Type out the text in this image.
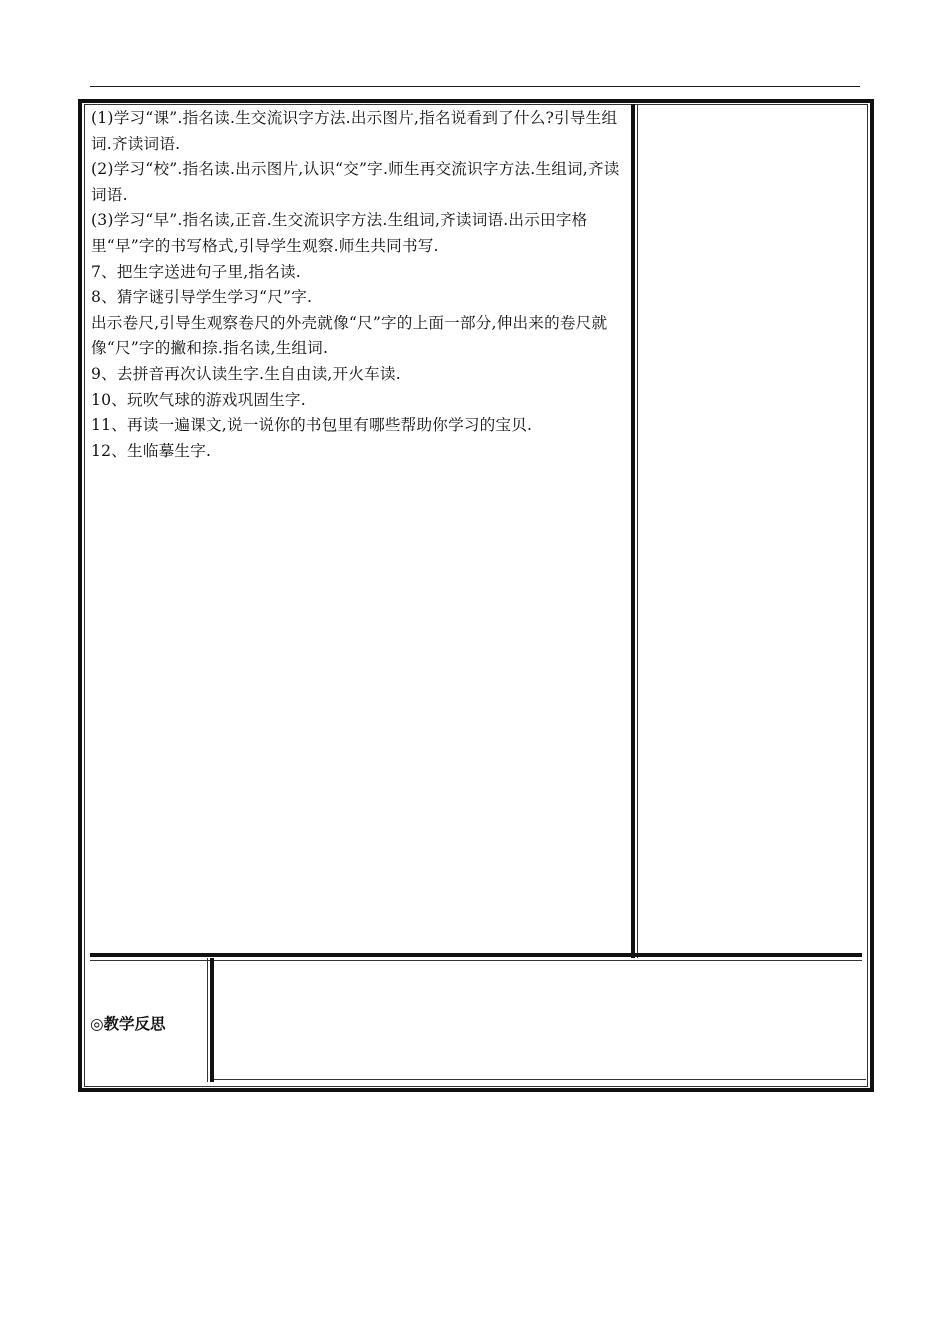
(1)学习“课”.指名读.生交流识字方法.出示图片,指名说看到了什么?引导生组词.齐读词语.

(2)学习“校”.指名读.出示图片,认识“交”字.师生再交流识字方法.生组词,齐读词语.

(3)学习“早”.指名读,正音.生交流识字方法.生组词,齐读词语.出示田字格里“早”字的书写格式,引导学生观察.师生共同书写.

7、把生字送进句子里,指名读.

8、猜字谜引导学生学习“尺”字.

出示卷尺,引导生观察卷尺的外壳就像“尺”字的上面一部分,伸出来的卷尺就像“尺”字的撇和捺.指名读,生组词.

9、去拼音再次认读生字.生自由读,开火车读.

10、玩吹气球的游戏巩固生字.

11、再读一遍课文,说一说你的书包里有哪些帮助你学习的宝贝.

12、生临摹生字.

◎教学反思
